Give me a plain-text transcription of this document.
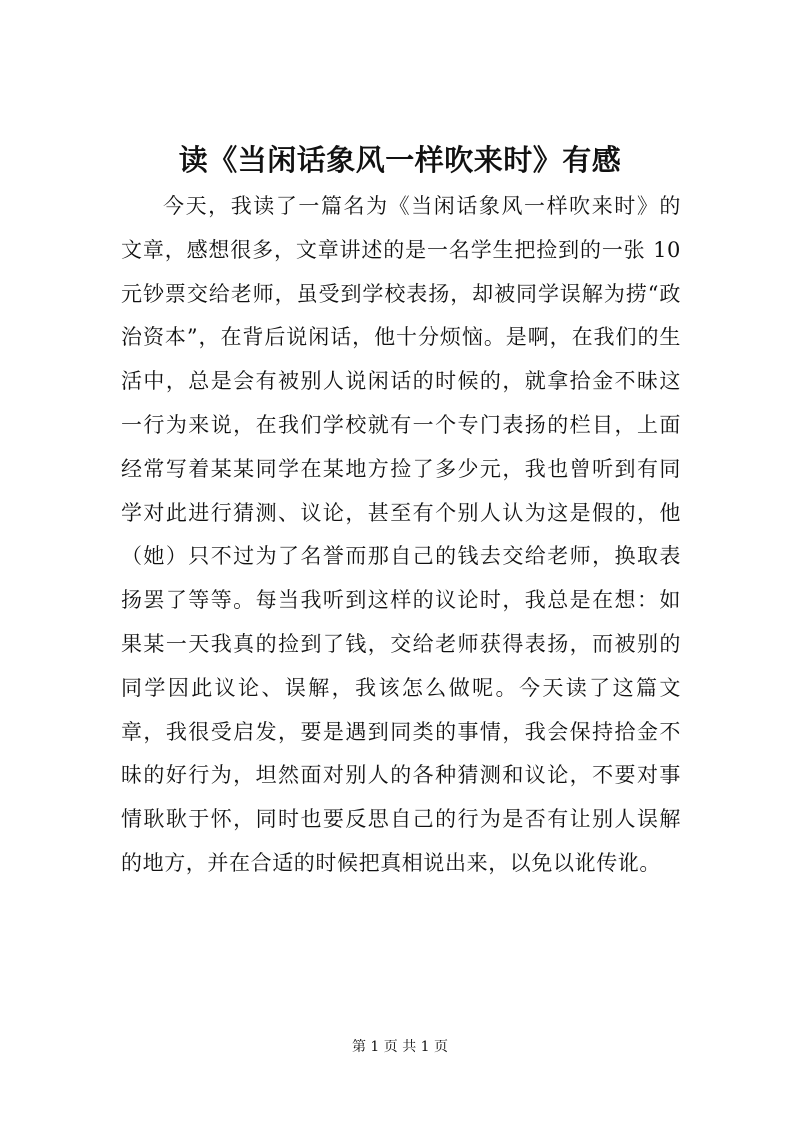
读《当闲话象风一样吹来时》有感

今天，我读了一篇名为《当闲话象风一样吹来时》的文章，感想很多，文章讲述的是一名学生把捡到的一张 10 元钞票交给老师，虽受到学校表扬，却被同学误解为捞“政治资本”，在背后说闲话，他十分烦恼。是啊，在我们的生活中，总是会有被别人说闲话的时候的，就拿拾金不昧这一行为来说，在我们学校就有一个专门表扬的栏目，上面经常写着某某同学在某地方捡了多少元，我也曾听到有同学对此进行猜测、议论，甚至有个别人认为这是假的，他（她）只不过为了名誉而那自己的钱去交给老师，换取表扬罢了等等。每当我听到这样的议论时，我总是在想：如果某一天我真的捡到了钱，交给老师获得表扬，而被别的同学因此议论、误解，我该怎么做呢。今天读了这篇文章，我很受启发，要是遇到同类的事情，我会保持拾金不昧的好行为，坦然面对别人的各种猜测和议论，不要对事情耿耿于怀，同时也要反思自己的行为是否有让别人误解的地方，并在合适的时候把真相说出来，以免以讹传讹。

第 1 页 共 1 页
